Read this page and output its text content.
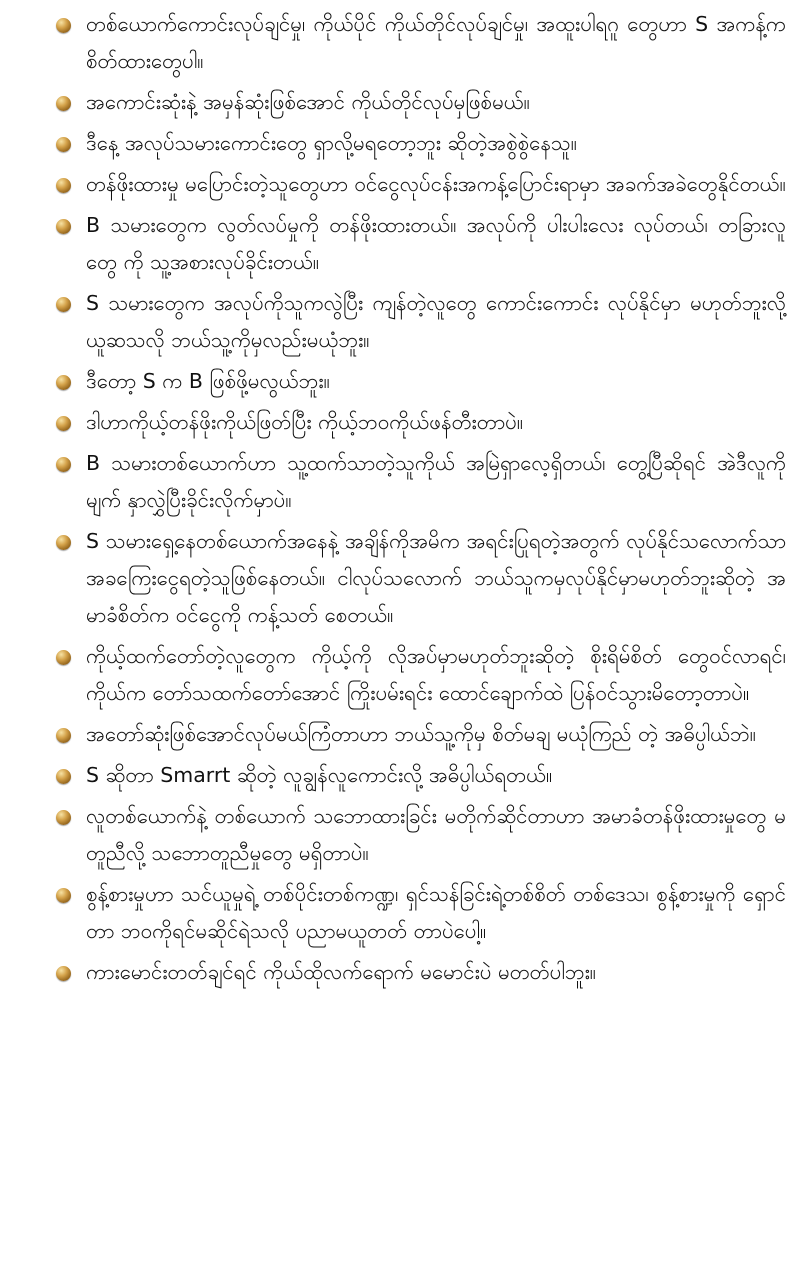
တစ်ယောက်ကောင်းလုပ်ချင်မှု၊ ကိုယ်ပိုင် ကိုယ်တိုင်လုပ်ချင်မှု၊ အထူးပါရဂူ တွေဟာ S အကန့်က စိတ်ထားတွေပါ။
အကောင်းဆုံးနဲ့ အမှန်ဆုံးဖြစ်အောင် ကိုယ်တိုင်လုပ်မှဖြစ်မယ်။
ဒီနေ့ အလုပ်သမားကောင်းတွေ ရှာလို့မရတော့ဘူး ဆိုတဲ့အစွဲစွဲနေသူ။
တန်ဖိုးထားမှု မပြောင်းတဲ့သူတွေဟာ ဝင်ငွေလုပ်ငန်းအကန့်ပြောင်းရာမှာ အခက်အခဲတွေနိုင်တယ်။
B သမားတွေက လွတ်လပ်မှုကို တန်ဖိုးထားတယ်။ အလုပ်ကို ပါးပါးလေး လုပ်တယ်၊ တခြားလူတွေ ကို သူ့အစားလုပ်ခိုင်းတယ်။
S သမားတွေက အလုပ်ကိုသူကလွဲပြီး ကျန်တဲ့လူတွေ ကောင်းကောင်း လုပ်နိုင်မှာ မဟုတ်ဘူးလို့ ယူဆသလို ဘယ်သူ့ကိုမှလည်းမယုံဘူး။
ဒီတော့ S က B ဖြစ်ဖို့မလွယ်ဘူး။
ဒါဟာကိုယ့်တန်ဖိုးကိုယ်ဖြတ်ပြီး ကိုယ့်ဘဝကိုယ်ဖန်တီးတာပဲ။
B သမားတစ်ယောက်ဟာ သူ့ထက်သာတဲ့သူကိုယ် အမြဲရှာလေ့ရှိတယ်၊ တွေ့ပြီဆိုရင် အဲဒီလူကို မျက် နှာလွှဲပြီးခိုင်းလိုက်မှာပဲ။
S သမားရှေ့နေတစ်ယောက်အနေနဲ့ အချိန်ကိုအမိက အရင်းပြုရတဲ့အတွက် လုပ်နိုင်သလောက်သာ အခကြေးငွေရတဲ့သူဖြစ်နေတယ်။ ငါလုပ်သလောက် ဘယ်သူကမှလုပ်နိုင်မှာမဟုတ်ဘူးဆိုတဲ့ အမာခံစိတ်က ဝင်ငွေကို ကန့်သတ် စေတယ်။
ကိုယ့်ထက်တော်တဲ့လူတွေက ကိုယ့်ကို လိုအပ်မှာမဟုတ်ဘူးဆိုတဲ့ စိုးရိမ်စိတ် တွေဝင်လာရင်၊ ကိုယ်က တော်သထက်တော်အောင် ကြိုးပမ်းရင်း ထောင်ချောက်ထဲ ပြန်ဝင်သွားမိတော့တာပဲ။
အတော်ဆုံးဖြစ်အောင်လုပ်မယ်ကြံတာဟာ ဘယ်သူ့ကိုမှ စိတ်မချ မယုံကြည် တဲ့ အဓိပ္ပါယ်ဘဲ။
S ဆိုတာ Smarrt ဆိုတဲ့ လူချွန်လူကောင်းလို့ အဓိပ္ပါယ်ရတယ်။
လူတစ်ယောက်နဲ့ တစ်ယောက် သဘောထားခြင်း မတိုက်ဆိုင်တာဟာ အမာခံတန်ဖိုးထားမှုတွေ မတူညီလို့ သဘောတူညီမှုတွေ မရှိတာပဲ။
စွန့်စားမှုဟာ သင်ယူမှုရဲ့ တစ်ပိုင်းတစ်ကဏ္ဍ၊ ရှင်သန်ခြင်းရဲ့တစ်စိတ် တစ်ဒေသ၊ စွန့်စားမှုကို ရှောင် တာ ဘဝကိုရင်မဆိုင်ရဲသလို ပညာမယူတတ် တာပဲပေါ့။
ကားမောင်းတတ်ချင်ရင် ကိုယ်ထိုလက်ရောက် မမောင်းပဲ မတတ်ပါဘူး။
